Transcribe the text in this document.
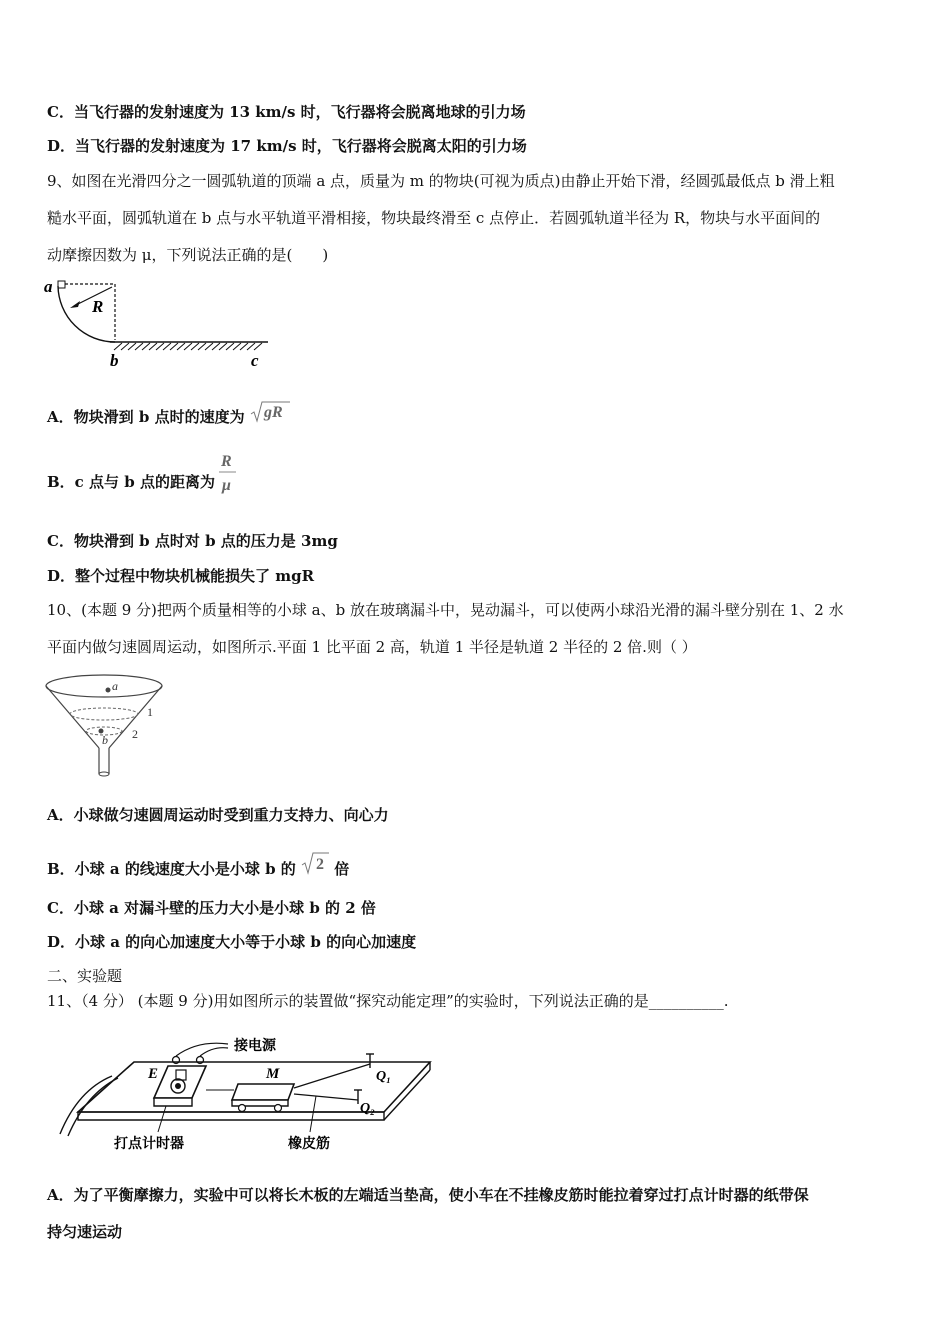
C．当飞行器的发射速度为 13 km/s 时，飞行器将会脱离地球的引力场
D．当飞行器的发射速度为 17 km/s 时，飞行器将会脱离太阳的引力场
9、如图在光滑四分之一圆弧轨道的顶端 a 点，质量为 m 的物块(可视为质点)由静止开始下滑，经圆弧最低点 b 滑上粗
糙水平面，圆弧轨道在 b 点与水平轨道平滑相接，物块最终滑至 c 点停止．若圆弧轨道半径为 R，物块与水平面间的
动摩擦因数为 μ，下列说法正确的是(　　)
a
R
b	c
A．物块滑到 b 点时的速度为 gR
B．c 点与 b 点的距离为
R
μ
C．物块滑到 b 点时对 b 点的压力是 3mg
D．整个过程中物块机械能损失了 mgR
10、(本题 9 分)把两个质量相等的小球 a、b 放在玻璃漏斗中，晃动漏斗，可以使两小球沿光滑的漏斗壁分别在 1、2 水
平面内做匀速圆周运动，如图所示.平面 1 比平面 2 高，轨道 1 半径是轨道 2 半径的 2 倍.则（ ）
a
b
1
2
A．小球做匀速圆周运动时受到重力支持力、向心力
B．小球 a 的线速度大小是小球 b 的 2 倍
C．小球 a 对漏斗壁的压力大小是小球 b 的 2 倍
D．小球 a 的向心加速度大小等于小球 b 的向心加速度
二、实验题
11、（4 分） (本题 9 分)用如图所示的装置做“探究动能定理”的实验时，下列说法正确的是__________.
接电源
E	M	Q₁
Q₂
打点计时器	橡皮筋
A．为了平衡摩擦力，实验中可以将长木板的左端适当垫高，使小车在不挂橡皮筋时能拉着穿过打点计时器的纸带保
持匀速运动
